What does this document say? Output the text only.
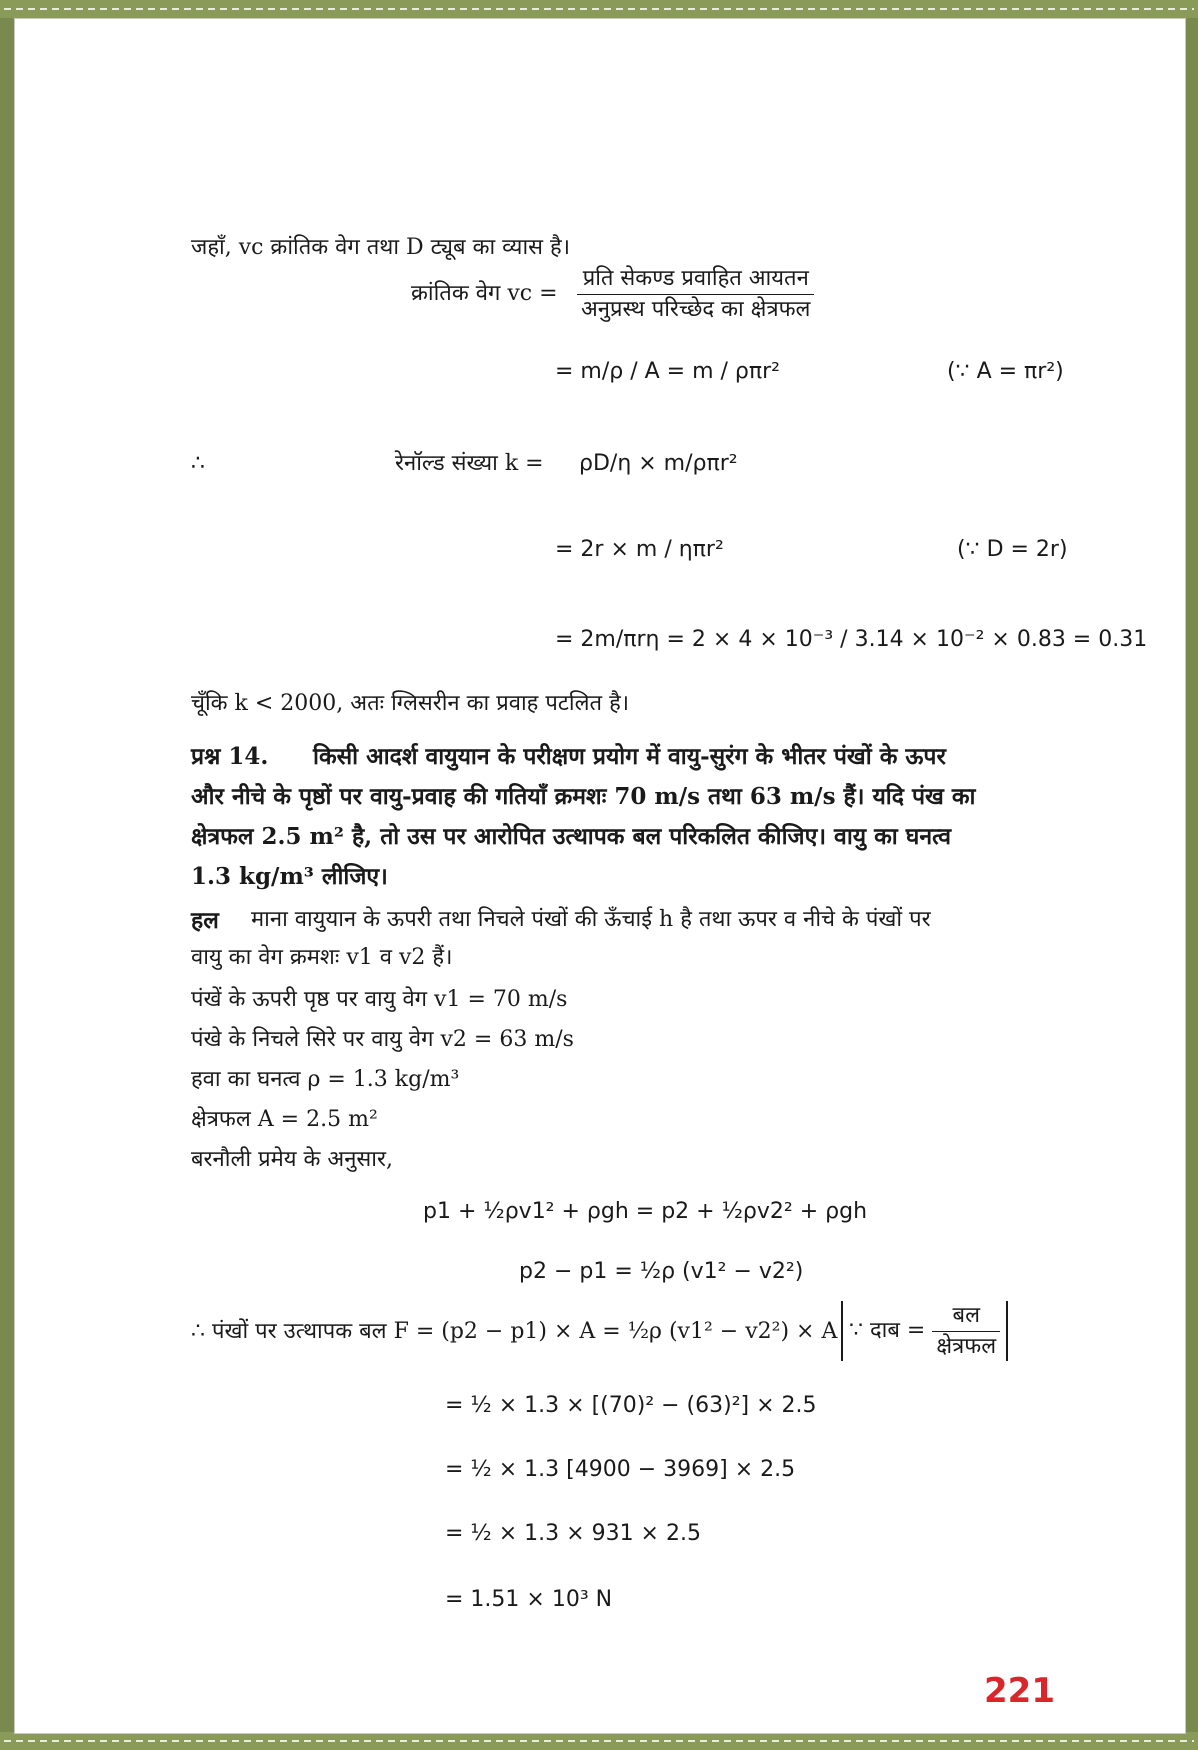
जहाँ, vc क्रांतिक वेग तथा D ट्यूब का व्यास है।
क्रांतिक वेग vc = $\frac{\text{प्रति सेकण्ड प्रवाहित आयतन}}{\text{अनुप्रस्थ परिच्छेद का क्षेत्रफल}}$
= m/ρ / A = m / ρπr²	(∵ A = πr²)
∴	रेनॉल्ड संख्या k = ρD/η × m/ρπr²
= 2r × m / ηπr²	(∵ D = 2r)
= 2m/πrη = 2 × 4 × 10⁻³ / 3.14 × 10⁻² × 0.83 = 0.31
चूँकि k < 2000, अतः ग्लिसरीन का प्रवाह पटलित है।
प्रश्न 14. किसी आदर्श वायुयान के परीक्षण प्रयोग में वायु-सुरंग के भीतर पंखों के ऊपर
और नीचे के पृष्ठों पर वायु-प्रवाह की गतियाँ क्रमशः 70 m/s तथा 63 m/s हैं। यदि पंख का
क्षेत्रफल 2.5 m² है, तो उस पर आरोपित उत्थापक बल परिकलित कीजिए। वायु का घनत्व
1.3 kg/m³ लीजिए।
हल माना वायुयान के ऊपरी तथा निचले पंखों की ऊँचाई h है तथा ऊपर व नीचे के पंखों पर
वायु का वेग क्रमशः v1 व v2 हैं।
पंखें के ऊपरी पृष्ठ पर वायु वेग v1 = 70 m/s
पंखे के निचले सिरे पर वायु वेग v2 = 63 m/s
हवा का घनत्व ρ = 1.3 kg/m³
क्षेत्रफल A = 2.5 m²
बरनौली प्रमेय के अनुसार,
p1 + ½ρv1² + ρgh = p2 + ½ρv2² + ρgh
p2 − p1 = ½ρ (v1² − v2²)
∴ पंखों पर उत्थापक बल F = (p2 − p1) × A = ½ρ (v1² − v2²) × A ∵ दाब = $\frac{\text{बल}}{\text{क्षेत्रफल}}$
= ½ × 1.3 × [(70)² − (63)²] × 2.5
= ½ × 1.3 [4900 − 3969] × 2.5
= ½ × 1.3 × 931 × 2.5
= 1.51 × 10³ N
221
